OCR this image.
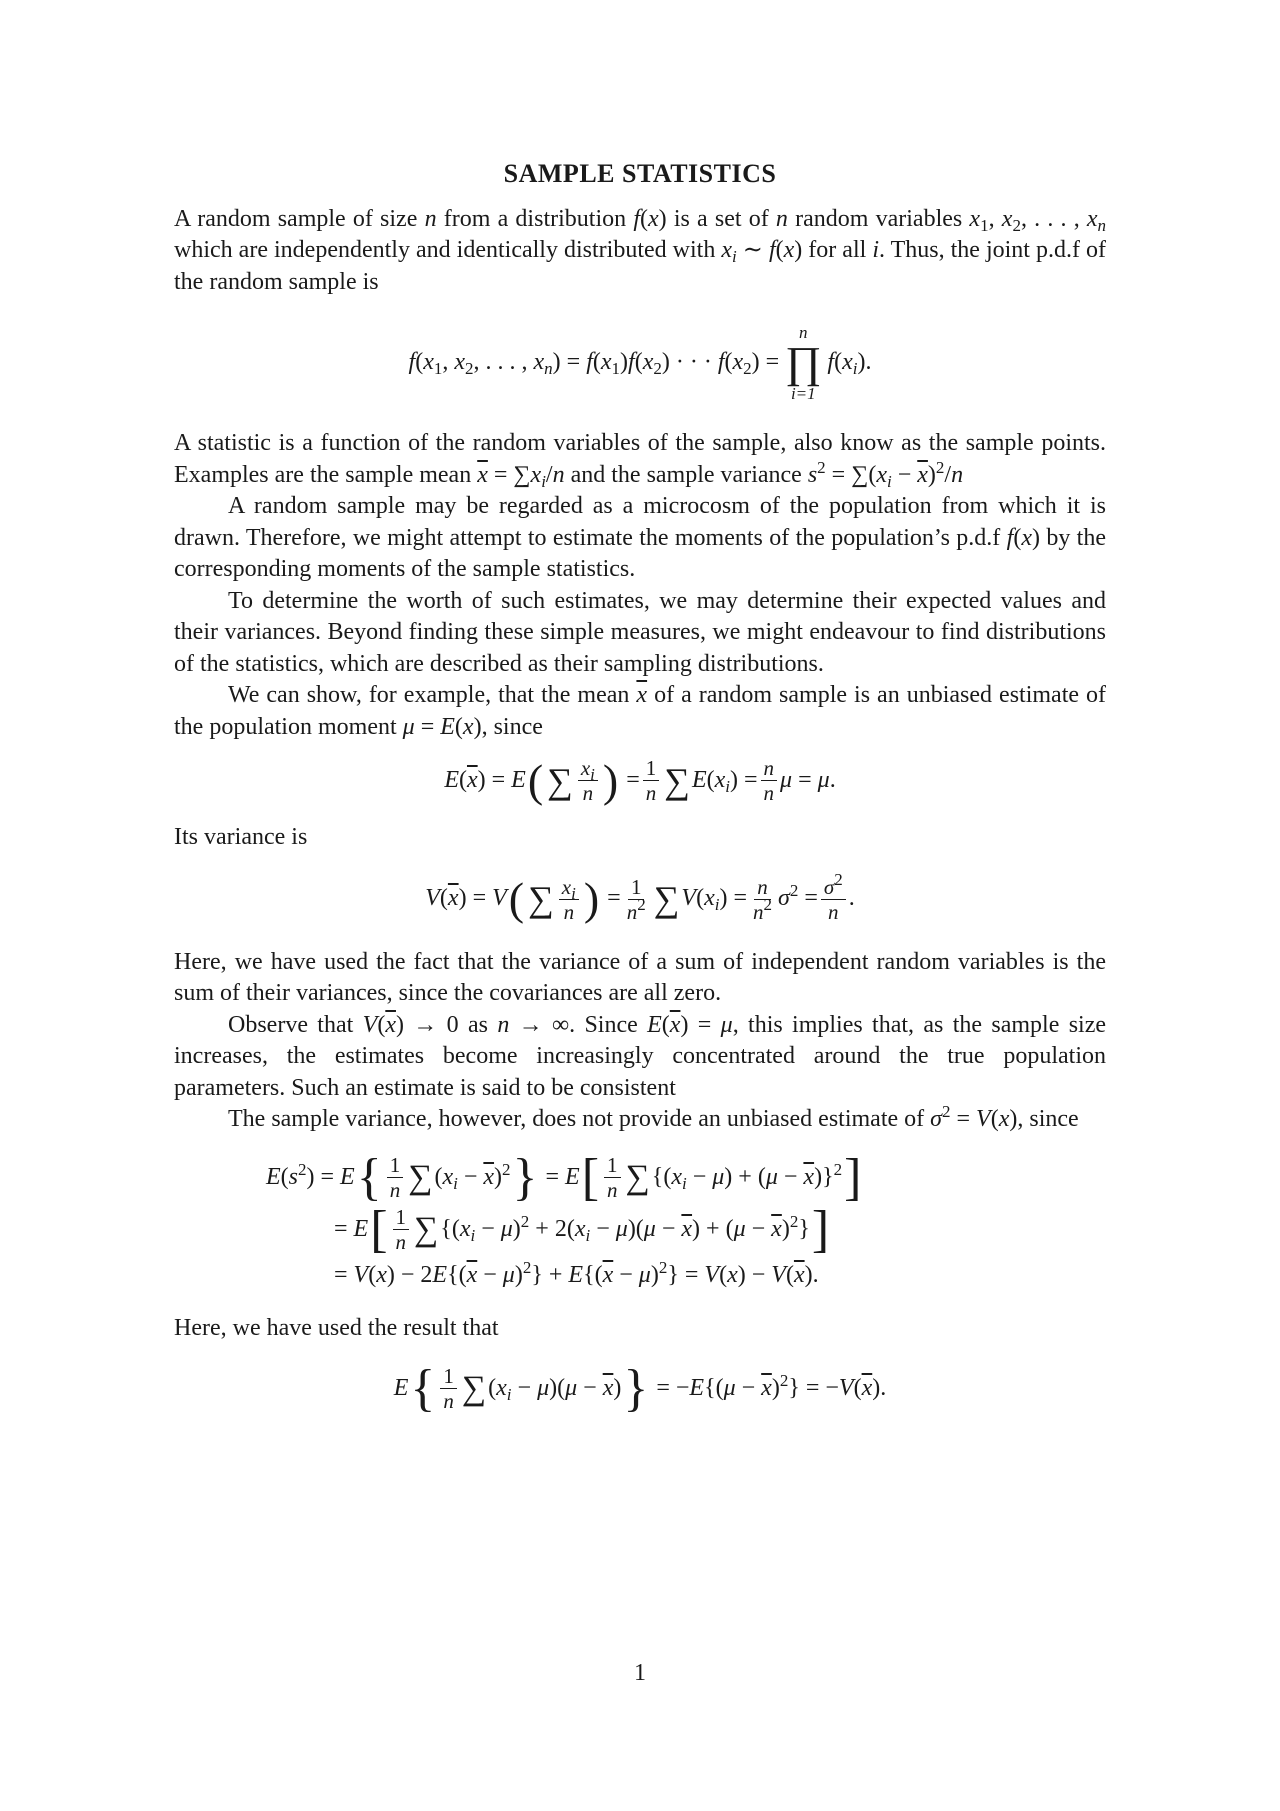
SAMPLE STATISTICS

A random sample of size n from a distribution f(x) is a set of n random variables $x_1$, $x_2$, . . . , $x_n$ which are independently and identically distributed with $x_i$ ∼ f(x) for all i. Thus, the joint p.d.f of the random sample is

$f(x_1$, $x_2$, . . . , $x_n) = f(x_1)f(x_2)$ · · · $f(x_2)$ =
n
∏
i=1
$f(x_i)$.

A statistic is a function of the random variables of the sample, also know as the sample points. Examples are the sample mean $\overline{x} = \sum x_i/n$ and the sample variance $s^2 = \sum(x_i - \overline{x})^2/n$

A random sample may be regarded as a microcosm of the population from which it is drawn. Therefore, we might attempt to estimate the moments of the population’s p.d.f f(x) by the corresponding moments of the sample statistics.

To determine the worth of such estimates, we may determine their expected values and their variances. Beyond finding these simple measures, we might endeavour to find distributions of the statistics, which are described as their sampling distributions.

We can show, for example, that the mean $\overline{x}$ of a random sample is an unbiased estimate of the population moment μ = E(x), since

$E(\overline{x}) = E$ ( ∑ $\frac{x_i}{n}$ ) = $\frac{1}{n}$ ∑ $E(x_i) = \frac{n}{n}$ μ = μ.

Its variance is

$V(\overline{x}) = V$ ( ∑ $\frac{x_i}{n}$ ) = $\frac{1}{n^2}$ ∑ $V(x_i) = \frac{n}{n^2} \sigma^2 = \frac{\sigma^2}{n}$ .

Here, we have used the fact that the variance of a sum of independent random variables is the sum of their variances, since the covariances are all zero.

Observe that $V(\overline{x}) \to 0$ as n → ∞. Since $E(\overline{x}) = \mu$, this implies that, as the sample size increases, the estimates become increasingly concentrated around the true population parameters. Such an estimate is said to be consistent

The sample variance, however, does not provide an unbiased estimate of $\sigma^2 = V(x)$, since

$E(s^2) = E$ { $\frac{1}{n}$ ∑ $(x_i - \overline{x})^2$ } = E [ $\frac{1}{n}$ ∑ $\{(x_i - \mu) + (\mu - \overline{x})\}^2$ ]
= E [ $\frac{1}{n}$ ∑ $\{(x_i - \mu)^2 + 2(x_i - \mu)(\mu - \overline{x}) + (\mu - \overline{x})^2\}$ ]
= $V(x) - 2E\{(\overline{x} - \mu)^2\} + E\{(\overline{x} - \mu)^2\} = V(x) - V(\overline{x})$.

Here, we have used the result that

E { $\frac{1}{n}$ ∑ $(x_i - \mu)(\mu - \overline{x})$ } = $-E\{(\mu - \overline{x})^2\} = -V(\overline{x})$.
1
